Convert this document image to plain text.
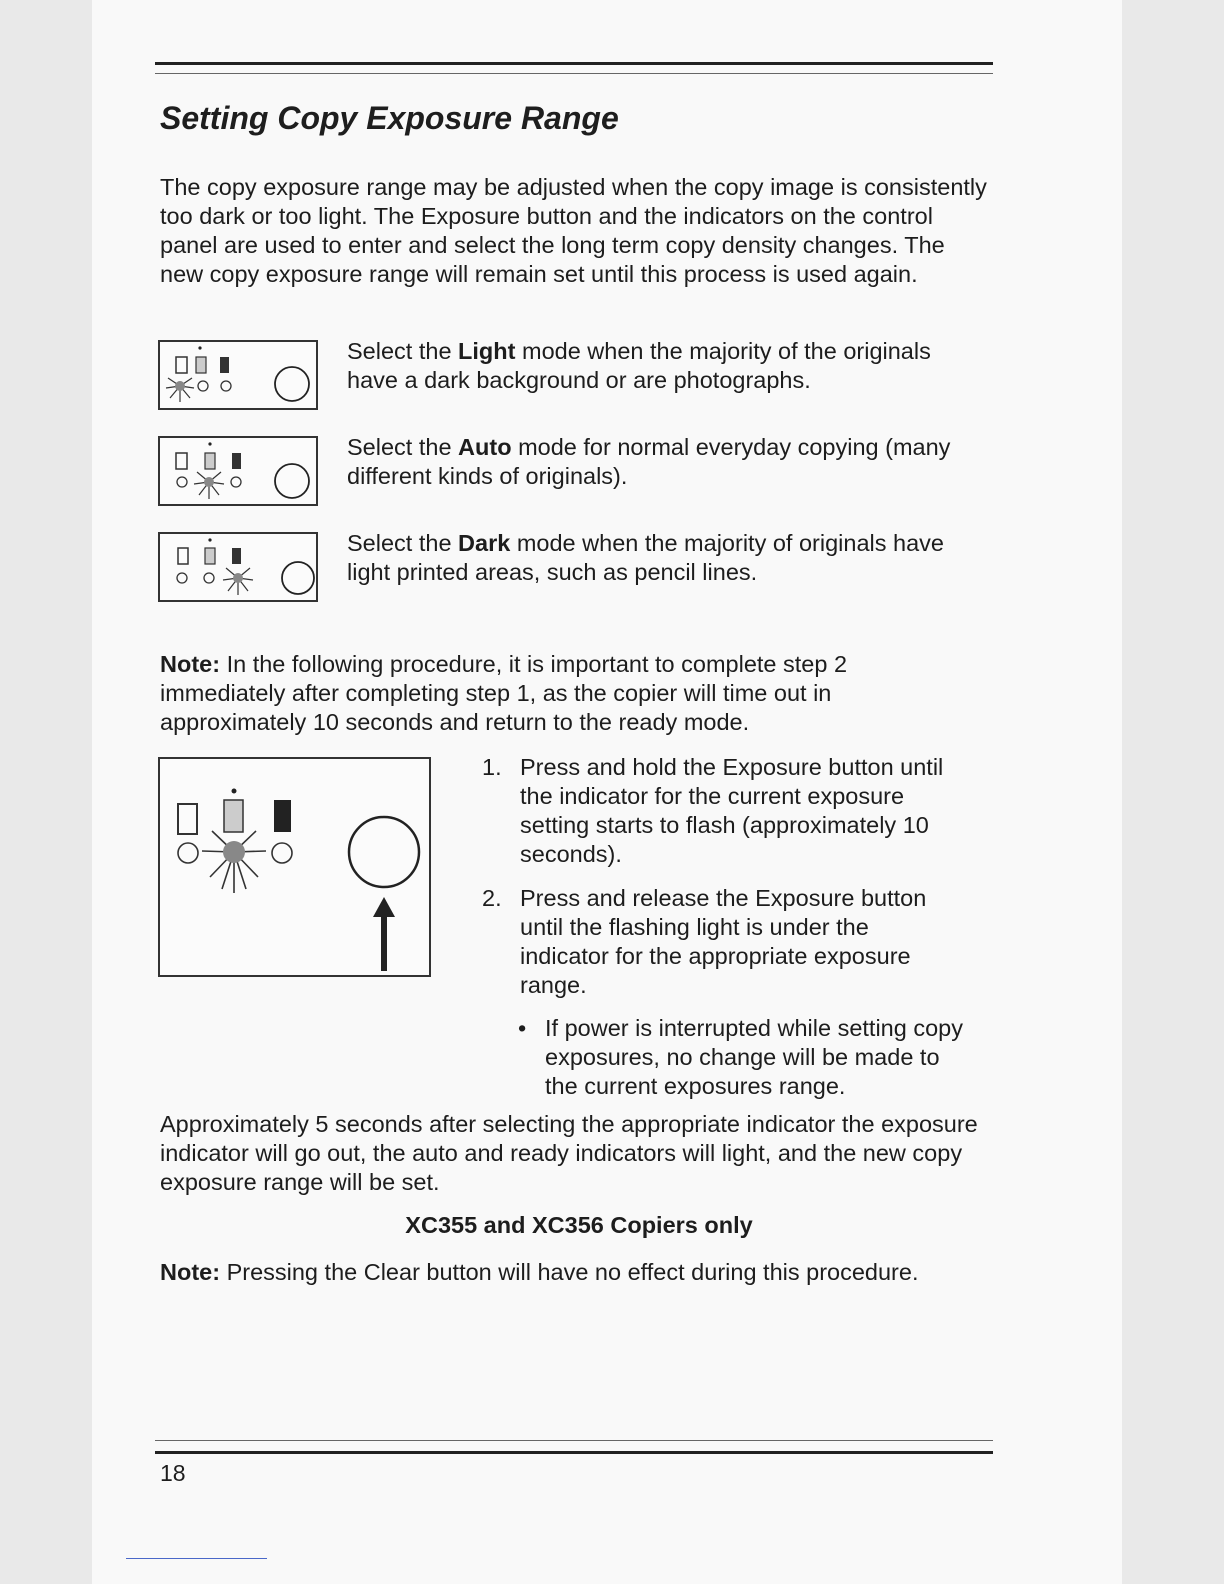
Setting Copy Exposure Range

The copy exposure range may be adjusted when the copy image is consistently too dark or too light. The Exposure button and the indicators on the control panel are used to enter and select the long term copy density changes. The new copy exposure range will remain set until this process is used again.

Select the Light mode when the majority of the originals have a dark background or are photographs.

Select the Auto mode for normal everyday copying (many different kinds of originals).

Select the Dark mode when the majority of originals have light printed areas, such as pencil lines.

Note: In the following procedure, it is important to complete step 2 immediately after completing step 1, as the copier will time out in approximately 10 seconds and return to the ready mode.

1. Press and hold the Exposure button until the indicator for the current exposure setting starts to flash (approximately 10 seconds).
2. Press and release the Exposure button until the flashing light is under the indicator for the appropriate exposure range.
• If power is interrupted while setting copy exposures, no change will be made to the current exposures range.

Approximately 5 seconds after selecting the appropriate indicator the exposure indicator will go out, the auto and ready indicators will light, and the new copy exposure range will be set.

XC355 and XC356 Copiers only

Note: Pressing the Clear button will have no effect during this procedure.

18
